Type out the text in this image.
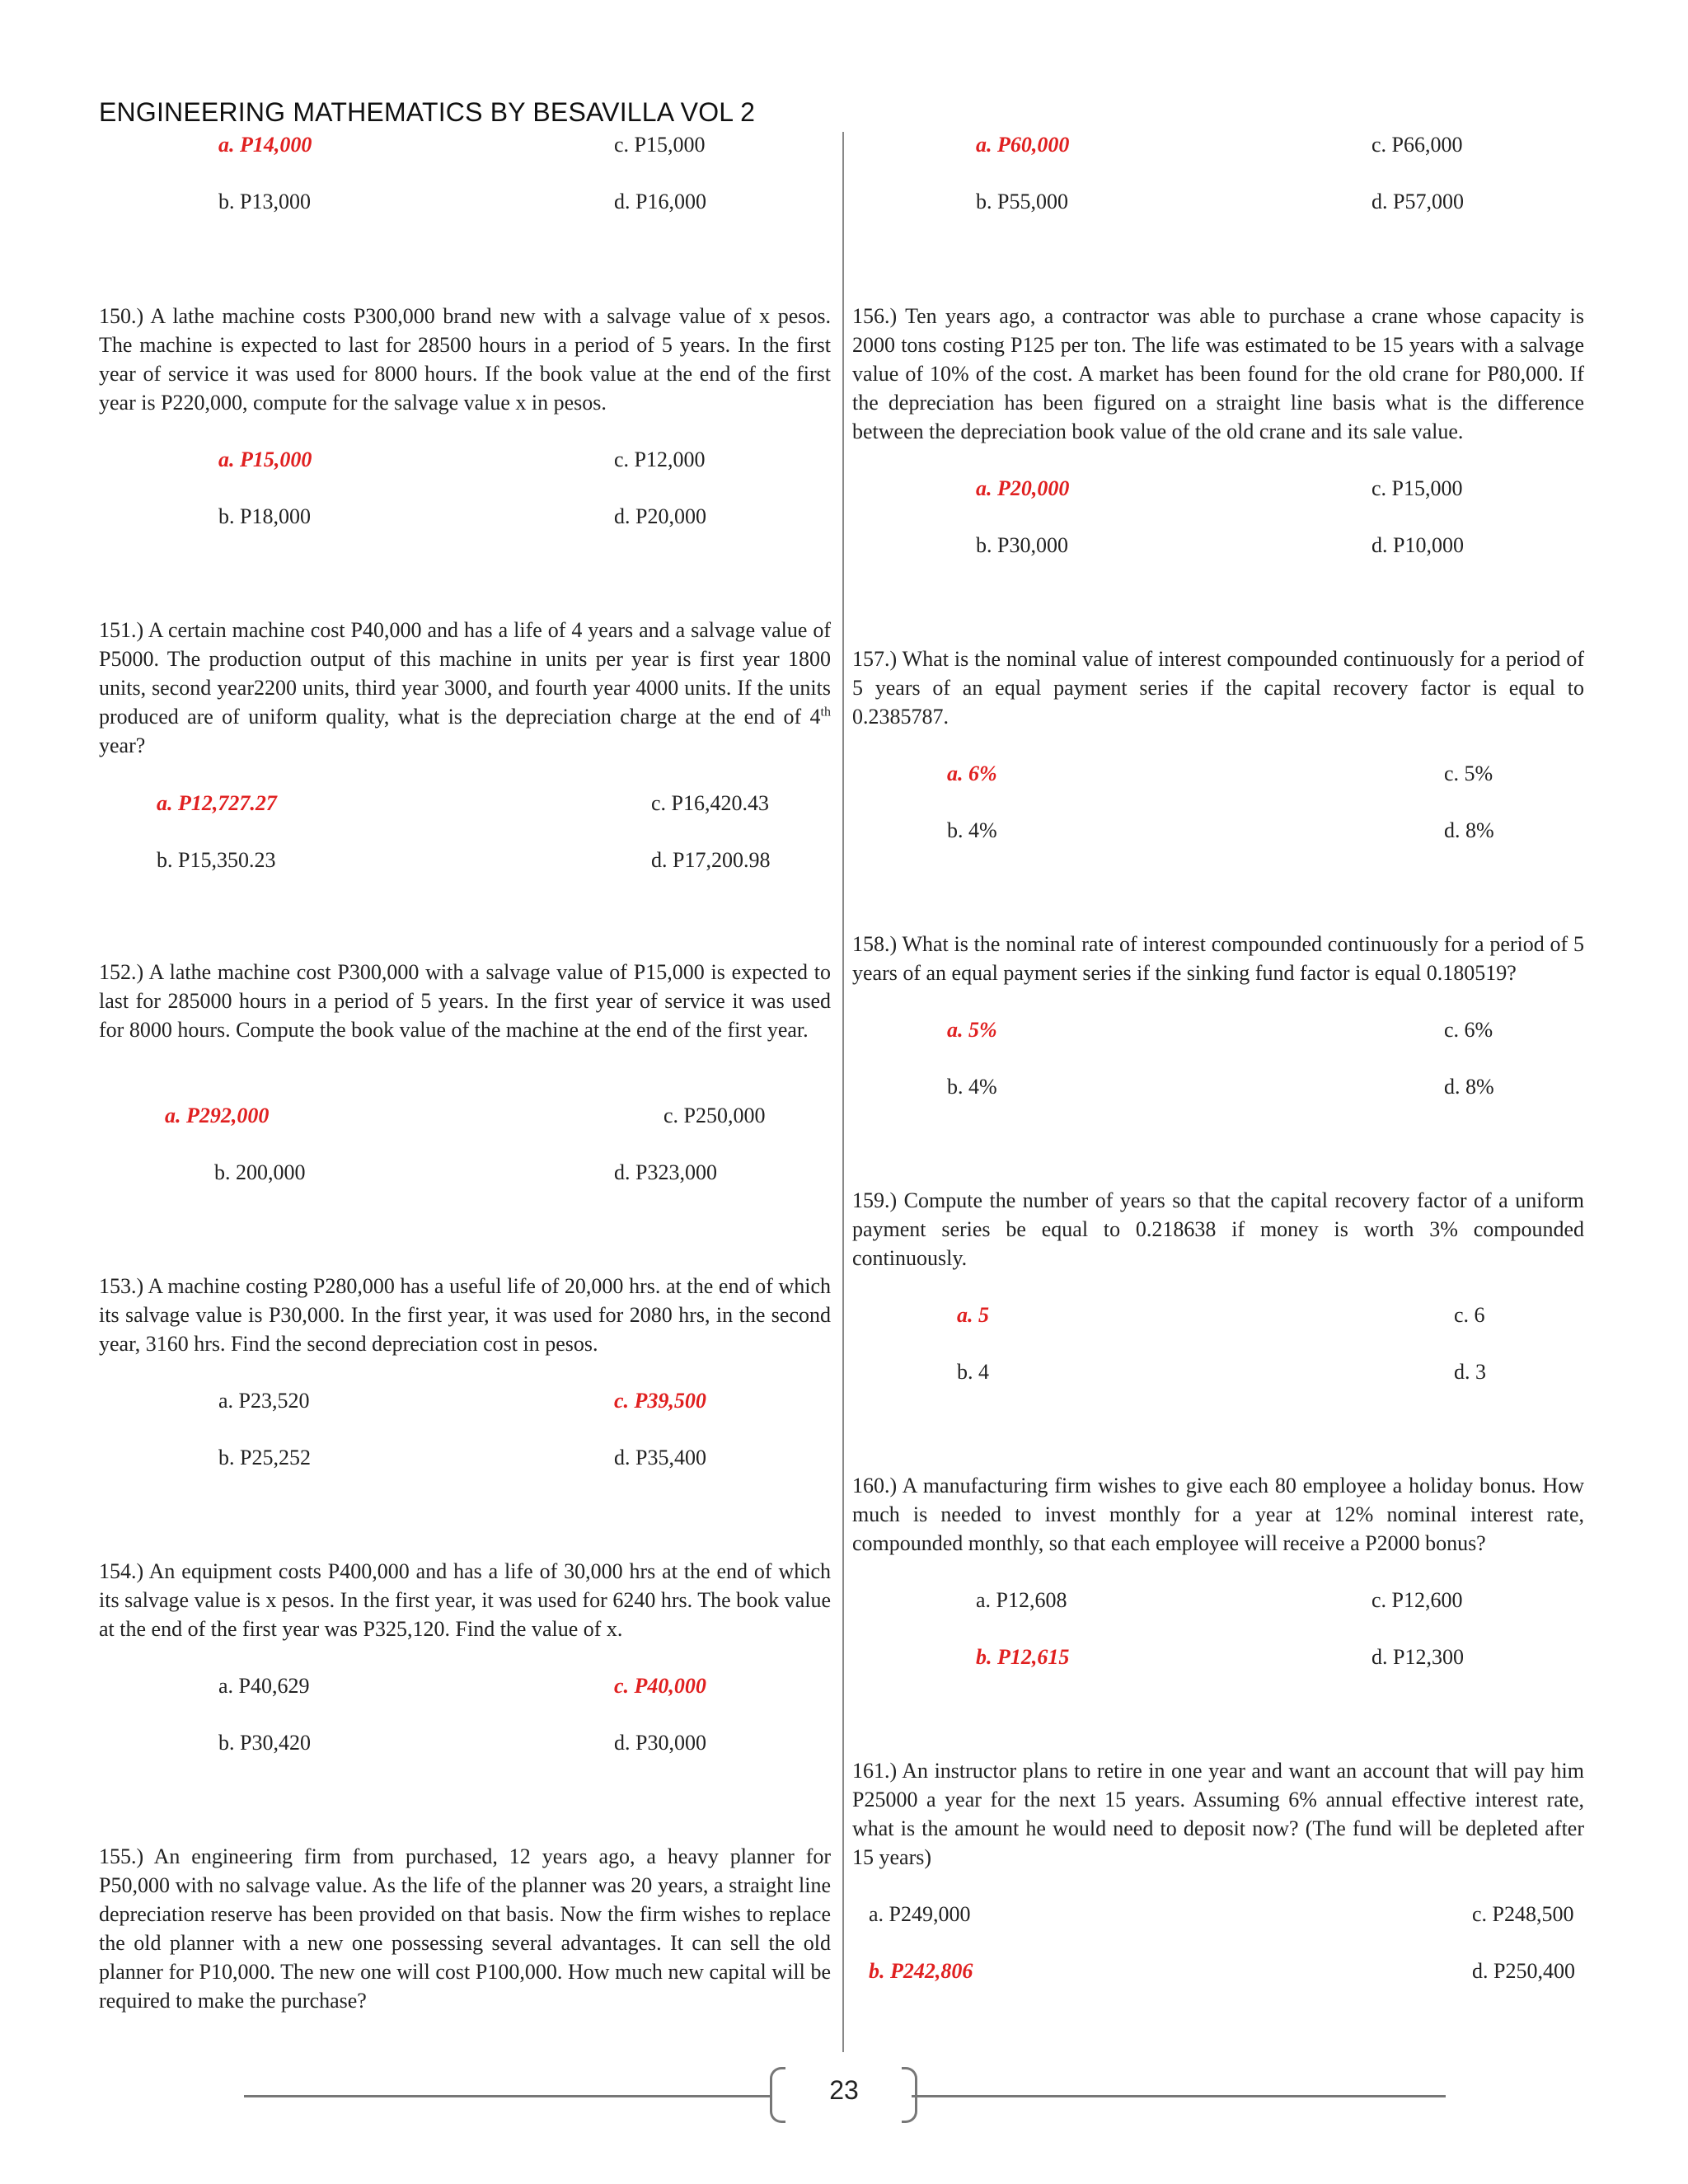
ENGINEERING MATHEMATICS BY BESAVILLA VOL 2
a. P14,000	c. P15,000
b. P13,000	d. P16,000

150.) A lathe machine costs P300,000 brand new with a salvage value of x pesos. The machine is expected to last for 28500 hours in a period of 5 years. In the first year of service it was used for 8000 hours. If the book value at the end of the first year is P220,000, compute for the salvage value x in pesos.

a. P15,000	c. P12,000
b. P18,000	d. P20,000

151.) A certain machine cost P40,000 and has a life of 4 years and a salvage value of P5000. The production output of this machine in units per year is first year 1800 units, second year2200 units, third year 3000, and fourth year 4000 units. If the units produced are of uniform quality, what is the depreciation charge at the end of 4th year?

a. P12,727.27	c. P16,420.43
b. P15,350.23	d. P17,200.98

152.) A lathe machine cost P300,000 with a salvage value of P15,000 is expected to last for 285000 hours in a period of 5 years. In the first year of service it was used for 8000 hours. Compute the book value of the machine at the end of the first year.

a. P292,000	c. P250,000
b. 200,000	d. P323,000

153.) A machine costing P280,000 has a useful life of 20,000 hrs. at the end of which its salvage value is P30,000. In the first year, it was used for 2080 hrs, in the second year, 3160 hrs. Find the second depreciation cost in pesos.

a. P23,520	c. P39,500
b. P25,252	d. P35,400

154.) An equipment costs P400,000 and has a life of 30,000 hrs at the end of which its salvage value is x pesos. In the first year, it was used for 6240 hrs. The book value at the end of the first year was P325,120. Find the value of x.

a. P40,629	c. P40,000
b. P30,420	d. P30,000

155.) An engineering firm from purchased, 12 years ago, a heavy planner for P50,000 with no salvage value. As the life of the planner was 20 years, a straight line depreciation reserve has been provided on that basis. Now the firm wishes to replace the old planner with a new one possessing several advantages. It can sell the old planner for P10,000. The new one will cost P100,000. How much new capital will be required to make the purchase?

a. P60,000	c. P66,000
b. P55,000	d. P57,000

156.) Ten years ago, a contractor was able to purchase a crane whose capacity is 2000 tons costing P125 per ton. The life was estimated to be 15 years with a salvage value of 10% of the cost. A market has been found for the old crane for P80,000. If the depreciation has been figured on a straight line basis what is the difference between the depreciation book value of the old crane and its sale value.

a. P20,000	c. P15,000
b. P30,000	d. P10,000

157.) What is the nominal value of interest compounded continuously for a period of 5 years of an equal payment series if the capital recovery factor is equal to 0.2385787.

a. 6%	c. 5%
b. 4%	d. 8%

158.) What is the nominal rate of interest compounded continuously for a period of 5 years of an equal payment series if the sinking fund factor is equal 0.180519?

a. 5%	c. 6%
b. 4%	d. 8%

159.) Compute the number of years so that the capital recovery factor of a uniform payment series be equal to 0.218638 if money is worth 3% compounded continuously.

a. 5	c. 6
b. 4	d. 3

160.) A manufacturing firm wishes to give each 80 employee a holiday bonus. How much is needed to invest monthly for a year at 12% nominal interest rate, compounded monthly, so that each employee will receive a P2000 bonus?

a. P12,608	c. P12,600
b. P12,615	d. P12,300

161.) An instructor plans to retire in one year and want an account that will pay him P25000 a year for the next 15 years. Assuming 6% annual effective interest rate, what is the amount he would need to deposit now? (The fund will be depleted after 15 years)

a. P249,000	c. P248,500
b. P242,806	d. P250,400
23
